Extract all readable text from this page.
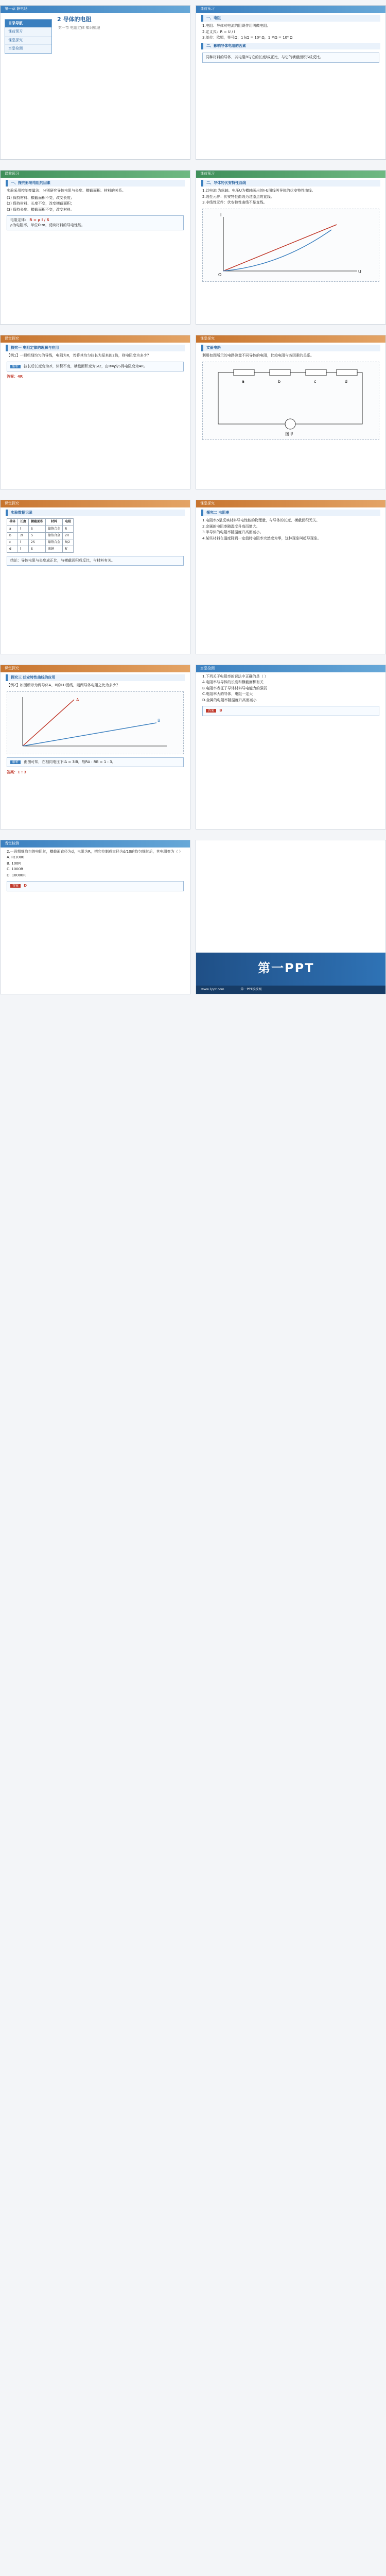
第一章 静电场
2 导体的电阻
第一节 电阻定律 知识梳理
目录导航
课前预习
课堂探究
当堂检测
课前预习
一、电阻
1.电阻：导体对电流的阻碍作用叫做电阻。
2.定义式：R = U / I
3.单位：欧姆，符号Ω；1 kΩ = 10³ Ω，1 MΩ = 10⁶ Ω
二、影响导体电阻的因素
同种材料的导体，其电阻R与它的长度l成正比，与它的横截面积S成反比。
课前预习
一、探究影响电阻的因素
实验采用控制变量法：分别研究导体电阻与长度、横截面积、材料的关系。
(1) 保持材料、横截面积不变，改变长度；
(2) 保持材料、长度不变，改变横截面积；
(3) 保持长度、横截面积不变，改变材料。
电阻定律： R = ρ l / S
ρ为电阻率，单位Ω·m，反映材料的导电性能。
课前预习
二、导体的伏安特性曲线
1.以电流I为纵轴、电压U为横轴画出的I-U图线叫导体的伏安特性曲线。
2.线性元件：伏安特性曲线为过原点的直线。
3.非线性元件：伏安特性曲线不是直线。
U
I
O
课堂探究
探究一 电阻定律的理解与应用
【例1】一根粗细均匀的导线，电阻为R，若将其均匀拉长为原来的2倍，则电阻变为多少？
解析 拉长后长度变为2l，体积不变，横截面积变为S/2，由R=ρl/S得电阻变为4R。
答案：4R
课堂探究
实验电路
利用如图所示的电路测量不同导体的电阻，比较电阻与各因素的关系。
a	b	c	d
图甲
课堂探究
实验数据记录
导体	长度	横截面积	材料	电阻
a	l	S	镍铬合金	R
b	2l	S	镍铬合金	2R
c	l	2S	镍铬合金	R/2
d	l	S	康铜	R′
结论：导体电阻与长度成正比，与横截面积成反比，与材料有关。
课堂探究
探究二 电阻率
1.电阻率ρ是反映材料导电性能的物理量，与导体的长度、横截面积无关。
2.金属的电阻率随温度升高而增大。
3.半导体的电阻率随温度升高而减小。
4.某些材料在温度降到一定值时电阻率突然变为零，这种现象叫超导现象。
课堂探究
探究三 伏安特性曲线的应用
【例2】如图所示为两导体A、B的I-U图线，则两导体电阻之比为多少？
A
B
解析 由图可知，在相同电压下IA = 3IB，故RA : RB = 1 : 3。
答案：1 : 3
当堂检测
1.下列关于电阻率的说法中正确的是（ ）
A.电阻率与导体的长度和横截面积有关
B.电阻率表征了导体材料导电能力的强弱
C.电阻率大的导体，电阻一定大
D.金属的电阻率随温度升高而减小
答案 B
当堂检测
2.一段粗细均匀的电阻丝，横截面直径为d，电阻为R，把它拉制成直径为d/10的均匀细丝后，其电阻变为（ ）
A. R/1000
B. 100R
C. 1000R
D. 10000R
答案 D
第一PPT
www.1ppt.com	第一PPT模板网
